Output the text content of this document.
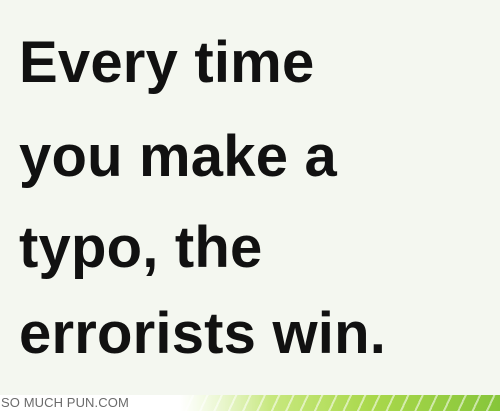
Every time
you make a
typo, the
errorists win.
SO MUCH PUN.COM
